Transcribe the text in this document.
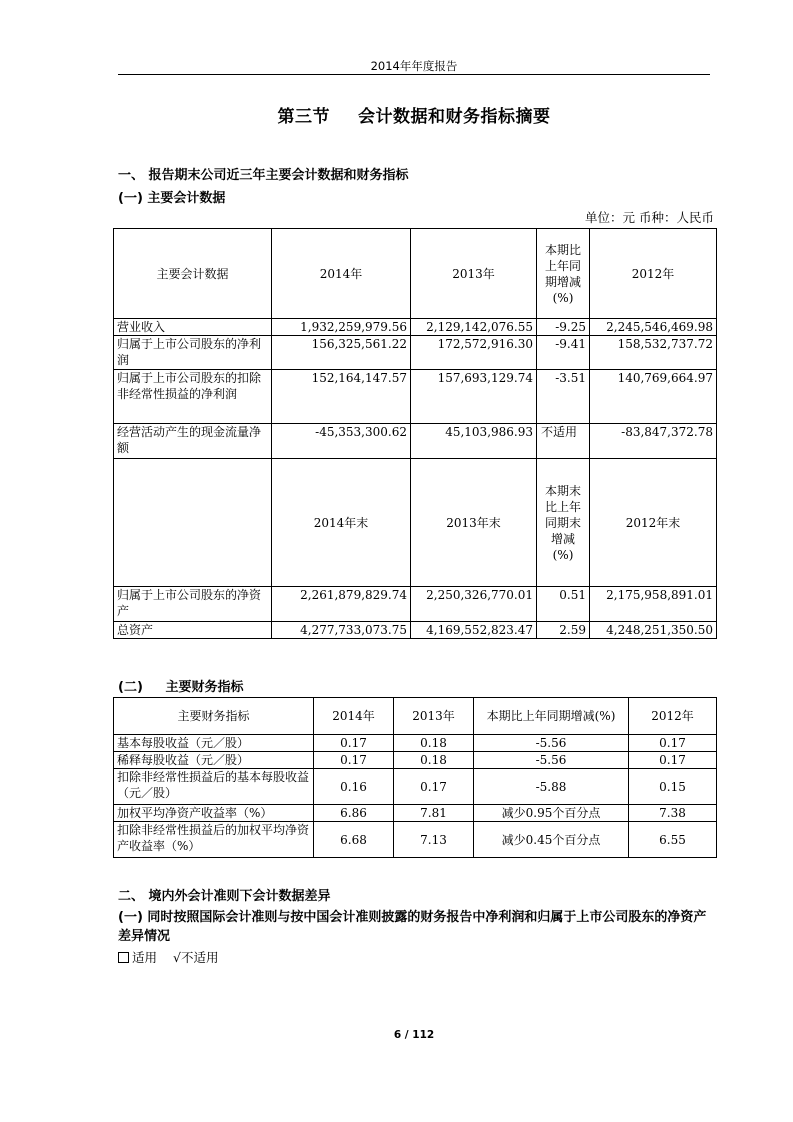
2014年年度报告
第三节 会计数据和财务指标摘要
一、 报告期末公司近三年主要会计数据和财务指标
(一) 主要会计数据
单位：元 币种：人民币
主要会计数据	2014年	2013年	本期比上年同期增减(%)	2012年
营业收入	1,932,259,979.56	2,129,142,076.55	-9.25	2,245,546,469.98
归属于上市公司股东的净利润	156,325,561.22	172,572,916.30	-9.41	158,532,737.72
归属于上市公司股东的扣除非经常性损益的净利润	152,164,147.57	157,693,129.74	-3.51	140,769,664.97
经营活动产生的现金流量净额	-45,353,300.62	45,103,986.93	不适用	-83,847,372.78
	2014年末	2013年末	本期末比上年同期末增减(%)	2012年末
归属于上市公司股东的净资产	2,261,879,829.74	2,250,326,770.01	0.51	2,175,958,891.01
总资产	4,277,733,073.75	4,169,552,823.47	2.59	4,248,251,350.50
(二)     主要财务指标
主要财务指标	2014年	2013年	本期比上年同期增减(%)	2012年
基本每股收益（元／股）	0.17	0.18	-5.56	0.17
稀释每股收益（元／股）	0.17	0.18	-5.56	0.17
扣除非经常性损益后的基本每股收益（元／股）	0.16	0.17	-5.88	0.15
加权平均净资产收益率（%）	6.86	7.81	减少0.95个百分点	7.38
扣除非经常性损益后的加权平均净资产收益率（%）	6.68	7.13	减少0.45个百分点	6.55
二、 境内外会计准则下会计数据差异
(一) 同时按照国际会计准则与按中国会计准则披露的财务报告中净利润和归属于上市公司股东的净资产差异情况
适用 √不适用
6 / 112
